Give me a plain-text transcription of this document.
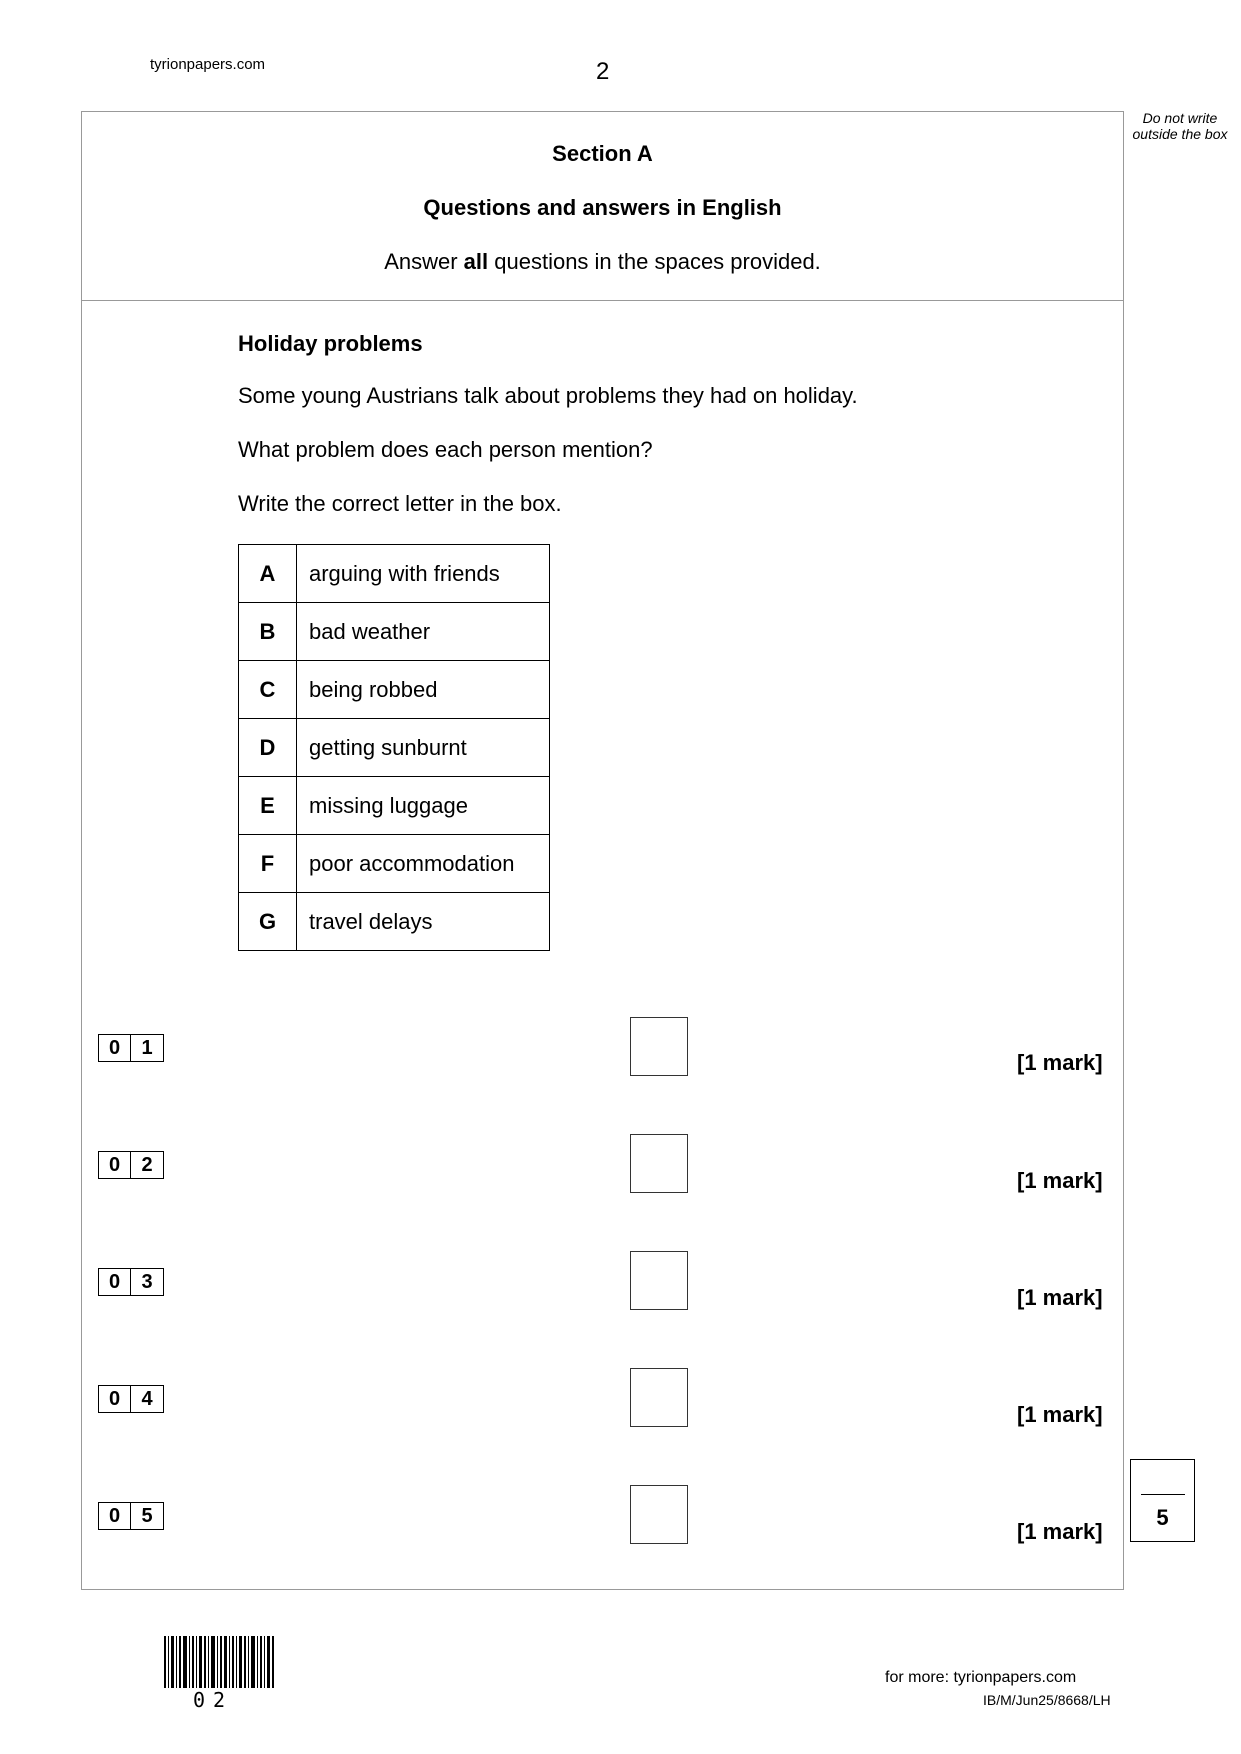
tyrionpapers.com	2
Do not write outside the box
Section A
Questions and answers in English
Answer all questions in the spaces provided.
Holiday problems
Some young Austrians talk about problems they had on holiday.
What problem does each person mention?
Write the correct letter in the box.
A	arguing with friends
B	bad weather
C	being robbed
D	getting sunburnt
E	missing luggage
F	poor accommodation
G	travel delays
0	1
[1 mark]
0	2
[1 mark]
0	3
[1 mark]
0	4
[1 mark]
0	5
[1 mark]
5
02
for more: tyrionpapers.com
IB/M/Jun25/8668/LH
